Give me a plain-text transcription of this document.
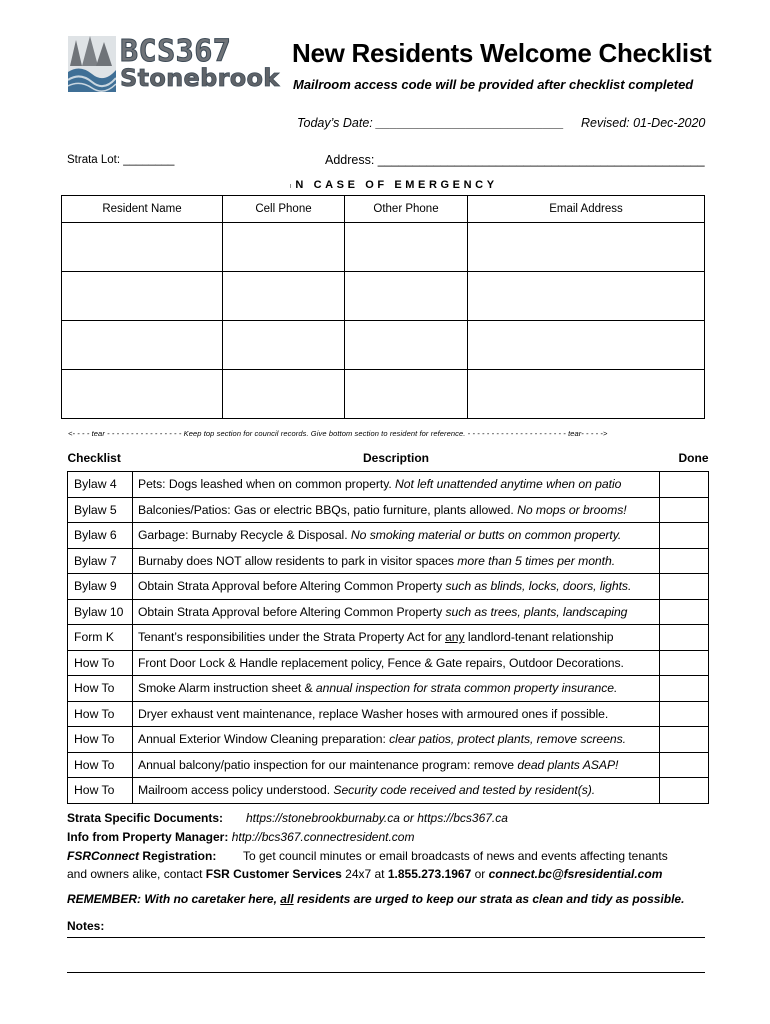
BCS367
Stonebrook
New Residents Welcome Checklist
Mailroom access code will be provided after checklist completed
Today’s Date: ___________________________ Revised: 01-Dec-2020
Strata Lot: ________	Address: _______________________________________________
I N CASE OF EMERGENCY
Resident Name	Cell Phone	Other Phone	Email Address

<- - - - tear - - - - - - - - - - - - - - - - Keep top section for council records. Give bottom section to resident for reference. - - - - - - - - - - - - - - - - - - - - - tear- - - - ->
Checklist	Description	Done
Bylaw 4	Pets: Dogs leashed when on common property. Not left unattended anytime when on patio	
Bylaw 5	Balconies/Patios: Gas or electric BBQs, patio furniture, plants allowed. No mops or brooms!	
Bylaw 6	Garbage: Burnaby Recycle & Disposal. No smoking material or butts on common property.	
Bylaw 7	Burnaby does NOT allow residents to park in visitor spaces more than 5 times per month.	
Bylaw 9	Obtain Strata Approval before Altering Common Property such as blinds, locks, doors, lights.	
Bylaw 10	Obtain Strata Approval before Altering Common Property such as trees, plants, landscaping	
Form K	Tenant’s responsibilities under the Strata Property Act for any landlord-tenant relationship	
How To	Front Door Lock & Handle replacement policy, Fence & Gate repairs, Outdoor Decorations.	
How To	Smoke Alarm instruction sheet & annual inspection for strata common property insurance.	
How To	Dryer exhaust vent maintenance, replace Washer hoses with armoured ones if possible.	
How To	Annual Exterior Window Cleaning preparation: clear patios, protect plants, remove screens.	
How To	Annual balcony/patio inspection for our maintenance program: remove dead plants ASAP!	
How To	Mailroom access policy understood. Security code received and tested by resident(s).	
Strata Specific Documents: https://stonebrookburnaby.ca or https://bcs367.ca
Info from Property Manager: http://bcs367.connectresident.com
FSRConnect Registration: To get council minutes or email broadcasts of news and events affecting tenants
and owners alike, contact FSR Customer Services 24x7 at 1.855.273.1967 or connect.bc@fsresidential.com
REMEMBER: With no caretaker here, all residents are urged to keep our strata as clean and tidy as possible.
Notes:
